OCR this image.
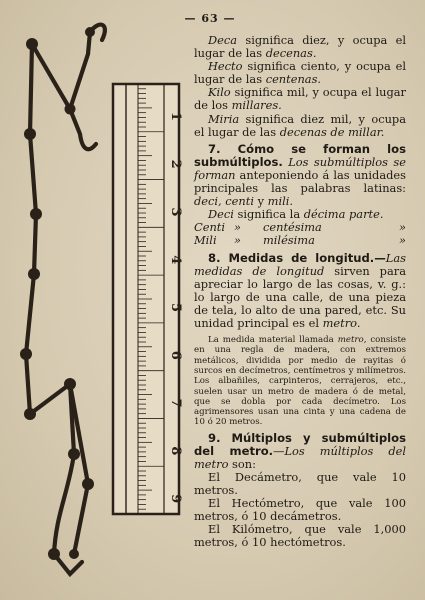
— 63 —
1
2
3
4
5
6
7
8
9

Deca significa diez, y ocupa el lugar de las decenas.

Hecto significa ciento, y ocupa el lugar de las centenas.

Kilo significa mil, y ocupa el lugar de los millares.

Miria significa diez mil, y ocupa el lugar de las decenas de millar.

7. Cómo se forman los submúltiplos. Los submúltiplos se forman anteponiendo á las unidades principales las palabras latinas: deci, centi y mili.

Deci significa la décima parte.

Centi »	centésima	»

Mili	»	milésima	»

8. Medidas de longitud.—Las medidas de longitud sirven para apreciar lo largo de las cosas, v. g.: lo largo de una calle, de una pieza de tela, lo alto de una pared, etc. Su unidad principal es el metro.

La medida material llamada metro, consiste en una regla de madera, con extremos metálicos, dividida por medio de rayitas ó surcos en decímetros, centímetros y milímetros. Los albañiles, carpinteros, cerrajeros, etc., suelen usar un metro de madera ó de metal, que se dobla por cada decímetro. Los agrimensores usan una cinta y una cadena de 10 ó 20 metros.

9. Múltiplos y submúltiplos del metro.—Los múltiplos del metro son:

El Decámetro, que vale 10 metros.

El Hectómetro, que vale 100 metros, ó 10 decámetros.

El Kilómetro, que vale 1,000 metros, ó 10 hectómetros.
